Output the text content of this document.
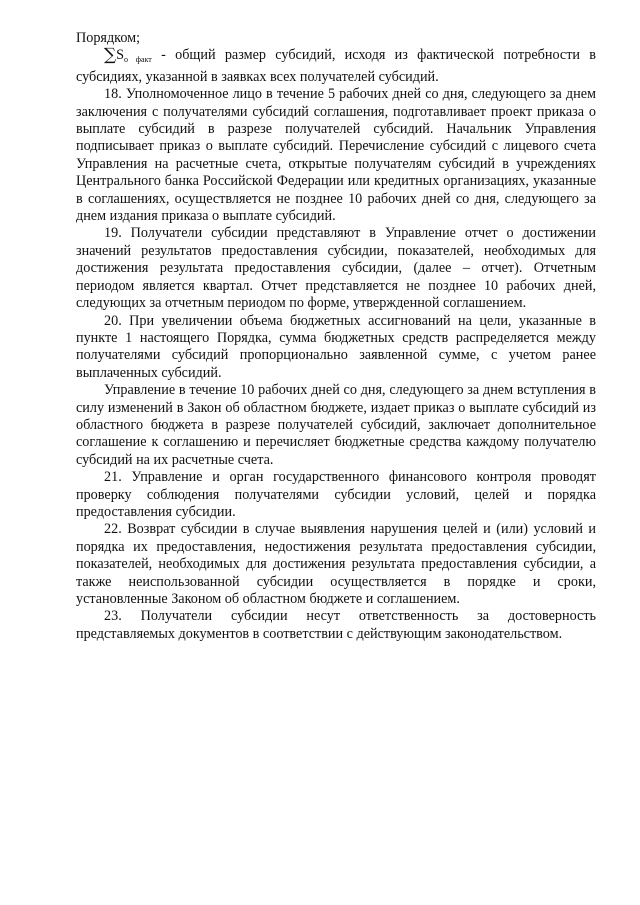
Порядком;

$\sum S_{о факт}$ - общий размер субсидий, исходя из фактической потребности в субсидиях, указанной в заявках всех получателей субсидий.

18. Уполномоченное лицо в течение 5 рабочих дней со дня, следующего за днем заключения с получателями субсидий соглашения, подготавливает проект приказа о выплате субсидий в разрезе получателей субсидий. Начальник Управления подписывает приказ о выплате субсидий. Перечисление субсидий с лицевого счета Управления на расчетные счета, открытые получателям субсидий в учреждениях Центрального банка Российской Федерации или кредитных организациях, указанные в соглашениях, осуществляется не позднее 10 рабочих дней со дня, следующего за днем издания приказа о выплате субсидий.

19. Получатели субсидии представляют в Управление отчет о достижении значений результатов предоставления субсидии, показателей, необходимых для достижения результата предоставления субсидии, (далее – отчет). Отчетным периодом является квартал. Отчет представляется не позднее 10 рабочих дней, следующих за отчетным периодом по форме, утвержденной соглашением.

20. При увеличении объема бюджетных ассигнований на цели, указанные в пункте 1 настоящего Порядка, сумма бюджетных средств распределяется между получателями субсидий пропорционально заявленной сумме, с учетом ранее выплаченных субсидий.

Управление в течение 10 рабочих дней со дня, следующего за днем вступления в силу изменений в Закон об областном бюджете, издает приказ о выплате субсидий из областного бюджета в разрезе получателей субсидий, заключает дополнительное соглашение к соглашению и перечисляет бюджетные средства каждому получателю субсидий на их расчетные счета.

21. Управление и орган государственного финансового контроля проводят проверку соблюдения получателями субсидии условий, целей и порядка предоставления субсидии.

22. Возврат субсидии в случае выявления нарушения целей и (или) условий и порядка их предоставления, недостижения результата предоставления субсидии, показателей, необходимых для достижения результата предоставления субсидии, а также неиспользованной субсидии осуществляется в порядке и сроки, установленные Законом об областном бюджете и соглашением.

23. Получатели субсидии несут ответственность за достоверность представляемых документов в соответствии с действующим законодательством.
